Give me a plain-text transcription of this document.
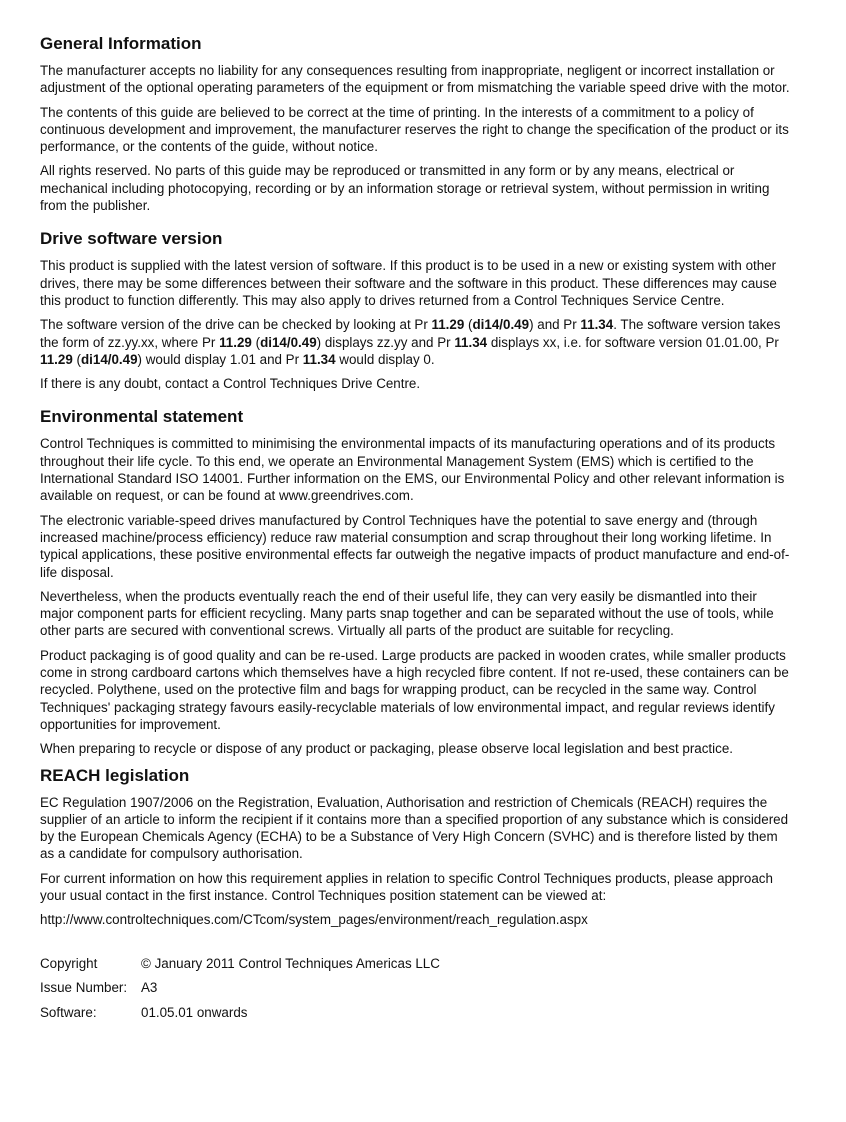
General Information

The manufacturer accepts no liability for any consequences resulting from inappropriate, negligent or incorrect installation or adjustment of the optional operating parameters of the equipment or from mismatching the variable speed drive with the motor.

The contents of this guide are believed to be correct at the time of printing. In the interests of a commitment to a policy of continuous development and improvement, the manufacturer reserves the right to change the specification of the product or its performance, or the contents of the guide, without notice.

All rights reserved. No parts of this guide may be reproduced or transmitted in any form or by any means, electrical or mechanical including photocopying, recording or by an information storage or retrieval system, without permission in writing from the publisher.

Drive software version

This product is supplied with the latest version of software. If this product is to be used in a new or existing system with other drives, there may be some differences between their software and the software in this product. These differences may cause this product to function differently. This may also apply to drives returned from a Control Techniques Service Centre.

The software version of the drive can be checked by looking at Pr 11.29 (di14/0.49) and Pr 11.34. The software version takes the form of zz.yy.xx, where Pr 11.29 (di14/0.49) displays zz.yy and Pr 11.34 displays xx, i.e. for software version 01.01.00, Pr 11.29 (di14/0.49) would display 1.01 and Pr 11.34 would display 0.

If there is any doubt, contact a Control Techniques Drive Centre.

Environmental statement

Control Techniques is committed to minimising the environmental impacts of its manufacturing operations and of its products throughout their life cycle. To this end, we operate an Environmental Management System (EMS) which is certified to the International Standard ISO 14001. Further information on the EMS, our Environmental Policy and other relevant information is available on request, or can be found at www.greendrives.com.

The electronic variable-speed drives manufactured by Control Techniques have the potential to save energy and (through increased machine/process efficiency) reduce raw material consumption and scrap throughout their long working lifetime. In typical applications, these positive environmental effects far outweigh the negative impacts of product manufacture and end-of-life disposal.

Nevertheless, when the products eventually reach the end of their useful life, they can very easily be dismantled into their major component parts for efficient recycling. Many parts snap together and can be separated without the use of tools, while other parts are secured with conventional screws. Virtually all parts of the product are suitable for recycling.

Product packaging is of good quality and can be re-used. Large products are packed in wooden crates, while smaller products come in strong cardboard cartons which themselves have a high recycled fibre content. If not re-used, these containers can be recycled. Polythene, used on the protective film and bags for wrapping product, can be recycled in the same way. Control Techniques' packaging strategy favours easily-recyclable materials of low environmental impact, and regular reviews identify opportunities for improvement.

When preparing to recycle or dispose of any product or packaging, please observe local legislation and best practice.

REACH legislation

EC Regulation 1907/2006 on the Registration, Evaluation, Authorisation and restriction of Chemicals (REACH) requires the supplier of an article to inform the recipient if it contains more than a specified proportion of any substance which is considered by the European Chemicals Agency (ECHA) to be a Substance of Very High Concern (SVHC) and is therefore listed by them as a candidate for compulsory authorisation.

For current information on how this requirement applies in relation to specific Control Techniques products, please approach your usual contact in the first instance. Control Techniques position statement can be viewed at:

http://www.controltechniques.com/CTcom/system_pages/environment/reach_regulation.aspx

Copyright	© January 2011 Control Techniques Americas LLC
Issue Number:	A3
Software:	01.05.01 onwards
